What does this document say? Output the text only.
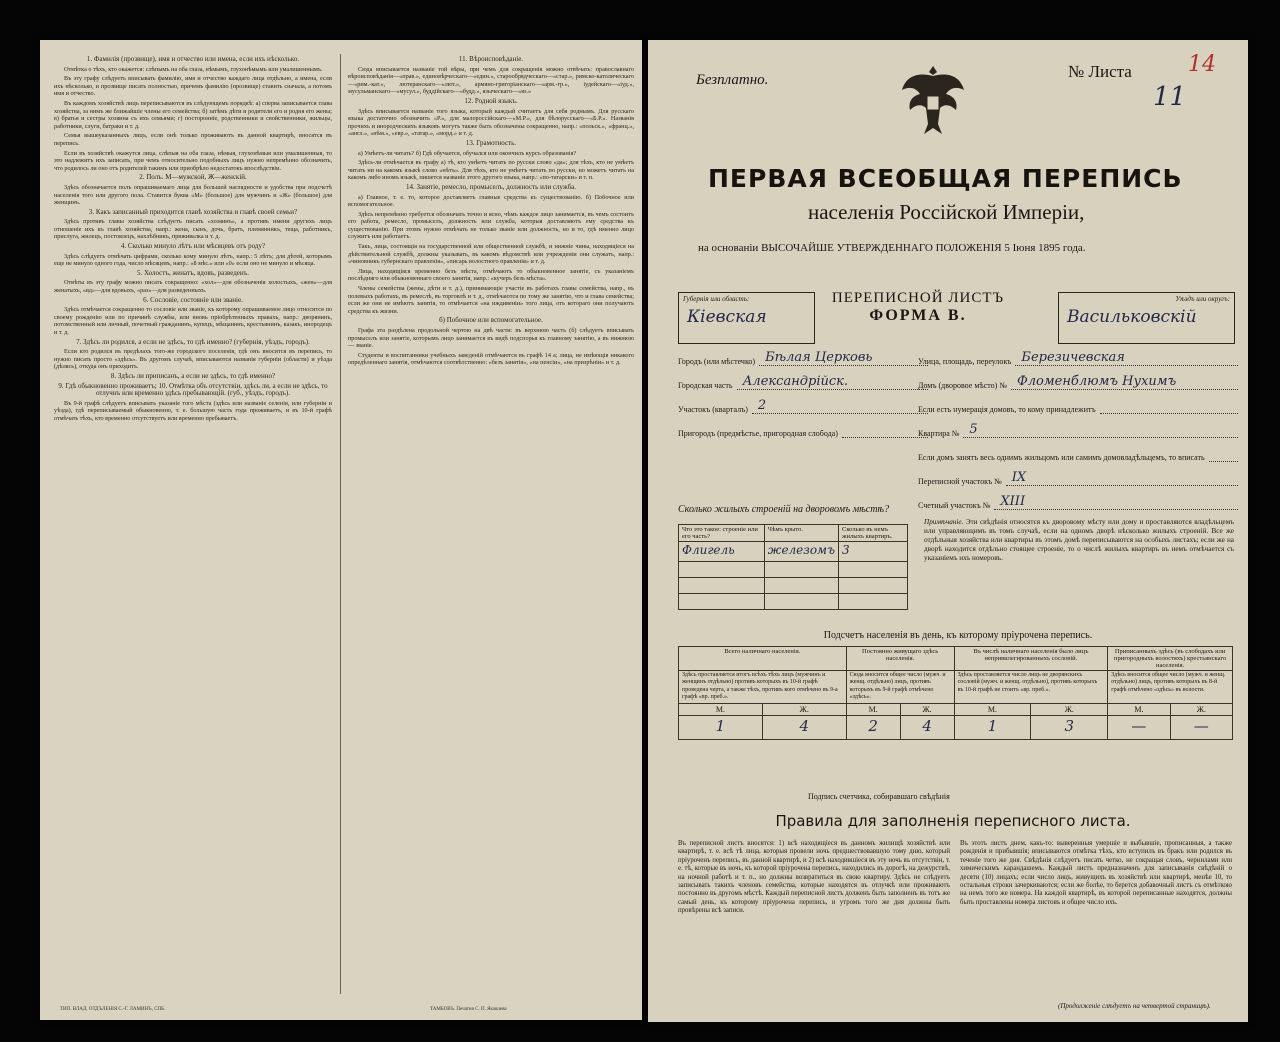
1. Фамилія (прозвище), имя и отчество или имена, если ихъ нѣсколько.

Отмѣтка о тѣхъ, кто окажется: слѣпымъ на оба глаза, нѣмымъ, глухонѣмымъ или умалишеннымъ.

Въ эту графу слѣдуетъ вписывать фамилію, имя и отчество каждаго лица отдѣльно, а имена, если ихъ нѣсколько, и прозвище писать полностью, причемъ фамилію (прозвище) ставить сначала, а потомъ имя и отчество.

Въ каждомъ хозяйствѣ лицъ переписываются въ слѣдующемъ порядкѣ: а) сперва записывается глава хозяйства, за нимъ же ближайшіе члены его семейства; б) затѣмъ дѣти и родители его и родня его жены; в) братья и сестры хозяина съ ихъ семьями; г) посторонніе, родственники и свойственники, жильцы, работники, слуги, батраки и т. д.

Семья вышеуказанныхъ лицъ, если онѣ только проживаютъ въ данной квартирѣ, вносятся въ перепись.

Если въ хозяйствѣ окажутся лица, слѣпыя на оба глаза, нѣмыя, глухонѣмыя или умалишенныя, то это надлежитъ ихъ записать, при чемъ относительно подобныхъ лицъ нужно непремѣнно обозначить, что родилось ли оно отъ родителей такимъ или приобрѣло недостатокъ впослѣдствіи.

2. Полъ. М—мужской, Ж—женскій.

Здѣсь обозначается полъ опрашиваемаго лица для большей наглядности и удобства при подсчетѣ населенія того или другого пола. Ставится буква «М» (большое) для мужчинъ и «Ж» (большое) для женщинъ.

3. Какъ записанный приходится главѣ хозяйства и главѣ своей семьи?

Здѣсь противъ главы хозяйства слѣдуетъ писать «хозяинъ», а противъ имени другихъ лицъ отношеніе ихъ къ главѣ хозяйства, напр.: жена, сынъ, дочь, братъ, племянникъ, теща, работникъ, прислуга, жилецъ, постоялецъ, нахлѣбникъ, приживалка и т. д.

4. Сколько минуло лѣтъ или мѣсяцевъ отъ роду?

Здѣсь слѣдуетъ отмѣчать цифрами, сколько кому минуло лѣтъ, напр.: 5 лѣтъ; для дѣтей, которымъ еще не минуло одного года, число мѣсяцевъ, напр.: «8 мѣс.» или «0» если оно не минуло и мѣсяца.

5. Холостъ, женатъ, вдовъ, разведенъ.

Отвѣты въ эту графу можно писать сокращенно: «хол»—для обозначенія холостыхъ, «жен»—для женатыхъ, «вд»—для вдовыхъ, «раз»—для разведенныхъ.

6. Сословіе, состояніе или званіе.

Здѣсь отмѣчается сокращенно то сословіе или званіе, къ которому опрашиваемое лицо относится по своему рожденію или по причинѣ службы, или вновь пріобрѣтенныхъ правахъ, напр.: дворянинъ, потомственный или личный, почетный гражданинъ, купецъ, мѣщанинъ, крестьянинъ, казакъ, инородецъ и т. д.

7. Здѣсь ли родился, а если не здѣсь, то гдѣ именно? (губернія, уѣздъ, городъ).

Если кто родился въ предѣлахъ того-же городского поселенія, гдѣ онъ вносится въ перепись, то нужно писать просто «здѣсь». Въ другомъ случаѣ, вписываются названія губерніи (области) и уѣзда (дѣлясь), откуда онъ приходитъ.

8. Здѣсь ли приписанъ, а если не здѣсь, то гдѣ именно?
9. Гдѣ обыкновенно проживаетъ; 10. Отмѣтка объ отсутствіи, здѣсь ли, а если не здѣсь, то отлучнъ или временно здѣсь пребывающій. (губ., уѣздъ, городъ).

Въ 9-й графѣ слѣдуетъ вписывать указаніе того мѣста (здѣсь или названіе селенія, или губерніи и уѣзда), гдѣ переписываемый обыкновенно, т. е. большую часть года проживаетъ, и въ 10-й графѣ отмѣчать тѣхъ, кто временно отсутствуетъ или временно пребываетъ.

11. Вѣроисповѣданіе.

Сюда вписывается названіе той вѣры, при чемъ для сокращенія можно отвѣчать: православнаго вѣроисповѣданія—«прав.», единовѣрческаго—«един.», старообрядческаго—«стар.», римско-католическаго—«рим.-кат.», лютеранскаго—«лют.», армяно-григоріанскаго—«арм.-гр.», іудейскаго—«іуд.», мусульманскаго—«мусул.», буддійскаго—«будд.», языческаго—«яз.»

12. Родной языкъ.

Здѣсь вписывается названіе того языка, который каждый считаетъ для себя роднымъ. Для русскаго языка достаточно обозначить «Р.», для малороссійскаго—«М.Р.», для бѣлорусскаго—«Б.Р.». Названія прочихъ и инородческихъ языковъ могутъ также быть обозначены сокращенно, напр.: «польск.», «франц.», «англ.», «нѣм.», «евр.», «татар.», «морд.» и т. д.

13. Грамотность.

а) Умѣетъ-ли читать? б) Гдѣ обучается, обучался или окончилъ курсъ образованія?

Здѣсь-ли отмѣчается въ графу а) тѣ, кто умѣетъ читать по русски слово «да»; для тѣхъ, кто не умѣетъ читать ни на какомъ языкѣ слово «нѣтъ». Для тѣхъ, кто не умѣетъ читать по русски, но можетъ читать на какомъ либо иномъ языкѣ, пишется названіе этого другого языка, напр.: «по-татарски» и т. п.

14. Занятіе, ремесло, промыселъ, должность или служба.

а) Главное, т. е. то, которое доставляетъ главные средства къ существованію. б) Побочное или вспомогательное.

Здѣсь непремѣнно требуется обозначать точно и ясно, чѣмъ каждое лицо занимается, въ чемъ состоитъ его работа, ремесло, промыселъ, должность или служба, которыя доставляютъ ему средства къ существованію. При этомъ нужно отмѣчать не только званіе или должность, но и то, гдѣ именно лицо служитъ или работаетъ.

Такъ, лица, состоящія на государственной или общественной службѣ, и нижніе чины, находящіеся на дѣйствительной службѣ, должны указывать, въ какомъ вѣдомствѣ или учрежденіи они служатъ, напр.: «чиновникъ губернскаго правленія», «писарь волостного правленія» и т. д.

Лица, находящіяся временно безъ мѣста, отмѣчаютъ то обыкновенное занятіе, съ указаніемъ послѣдняго или обыкновеннаго своего занятія, напр.: «кучеръ безъ мѣста».

Члены семейства (жены, дѣти и т. д.), принимающіе участіе въ работахъ главы семейства, напр., въ полевыхъ работахъ, въ ремеслѣ, въ торговлѣ и т. д., отмѣчаются по тому же занятію, что и глава семейства; если же они не имѣютъ занятія, то отмѣчается «на иждивеніи» того лица, отъ котораго они получаютъ средства къ жизни.

б) Побочное или вспомогательное.

Графа эта раздѣлена продольной чертою на двѣ части: въ верхнюю часть (б) слѣдуетъ вписывать промыселъ или занятіе, которымъ лицо занимается въ видѣ подспорья къ главному занятію, а въ нижнюю — званіе.

Студенты и воспитанники учебныхъ заведеній отмѣчаются въ графѣ 14 а; лица, не имѣющія никакого опредѣленнаго занятія, отмѣчаются соотвѣтственно: «безъ занятія», «на пенсіи», «на призрѣніи» и т. д.

ТИП. ВЛАД. ОТДЪЛЕНІЯ С.-Г. ЛАМИНЪ, СПБ.	ТАМБОВЪ. Печатня С. П. Яковлева
Безплатно.	№ Листа	14
11
ПЕРВАЯ ВСЕОБЩАЯ ПЕРЕПИСЬ
населенія Россійской Имперіи,
на основаніи ВЫСОЧАЙШЕ УТВЕРЖДЕННАГО ПОЛОЖЕНІЯ 5 Іюня 1895 года.
Губернія или область:
Кіевская
ПЕРЕПИСНОЙ ЛИСТЪ
ФОРМА В.
Уѣздъ или округъ:
Васильковскій
Городъ (или мѣстечко) Бѣлая Церковь
Городская часть Александрійск.
Участокъ (кварталъ) 2
Пригородъ (предмѣстье, пригородная слобода)
Улица, площадь, переулокъ Березичевская
Домъ (дворовое мѣсто) № Фломенблюмъ Нухимъ
Если есть нумерація домовъ, то кому принадлежитъ
Квартира № 5
Если домъ занятъ весь однимъ жильцомъ или самимъ домовладѣльцемъ, то вписать
Переписной участокъ № IX
Счетный участокъ № XIII
Сколько жилыхъ строеній на дворовомъ мѣстѣ?
Что это такое: строеніе или его часть?	Чѣмъ крыто.	Сколько въ немъ жилыхъ квартиръ.
Флигель	железомъ	3

Примѣчаніе. Эти свѣдѣнія относятся къ дворовому мѣсту или дому и проставляются владѣльцемъ или управляющимъ въ томъ случаѣ, если на одномъ дворѣ нѣсколько жилыхъ строеній. Все же отдѣльныя хозяйства или квартиры въ этомъ домѣ переписываются на особыхъ листахъ; если же на дворѣ находится отдѣльно стоящее строеніе, то о числѣ жилыхъ квартиръ въ немъ отмѣчается съ указаніемъ ихъ номеровъ.
Подсчетъ населенія въ день, къ которому пріурочена перепись.
Всего наличнаго населенія.		Постоянно живущаго здѣсь населенія.		Въ числѣ наличнаго населенія было лицъ непривилегированныхъ сословій.		Приписанныхъ здѣсь (въ слободахъ или пригородныхъ волостяхъ) крестьянскаго населенія.	
Здѣсь проставляется итогъ всѣхъ тѣхъ лицъ (мужчинъ и женщинъ отдѣльно) противъ которыхъ въ 10-й графѣ проведена черта, а также тѣхъ, противъ кого отмѣчено въ 9-а графѣ «вр. преб.».		Сюда вносится общее число (мужч. и женщ. отдѣльно) лицъ, противъ которыхъ въ 9-й графѣ отмѣчено «здѣсь».		Здѣсь проставляется число лицъ не дворянскихъ сословій (мужч. и женщ. отдѣльно), противъ которыхъ въ 10-й графѣ не стоитъ «вр. преб.».		Здѣсь вносится общее число (мужч. и женщ. отдѣльно) лицъ, противъ которыхъ въ 8-й графѣ отмѣчено «здѣсь» въ волости.	
М.	Ж.	М.	Ж.	М.	Ж.	М.	Ж.
1	4	2	4	1	3	—	—
Подпись счетчика, собиравшаго свѣдѣнія
Правила для заполненія переписного листа.
Въ переписной листъ вносятся: 1) всѣ находящіеся въ данномъ жилищѣ хозяйствѣ или квартирѣ, т. е. всѣ тѣ лица, которыя провели ночь предшествовавшую тому дню, который пріуроченъ перепись, въ данной квартирѣ, и 2) всѣ находившіеся въ эту ночь въ отсутствіи, т. е. тѣ, которые въ ночь, къ которой пріурочена перепись, находились въ дорогѣ, на дежурствѣ, на ночной работѣ и т. п., но должны возвратиться въ свою квартиру. Здѣсь не слѣдуетъ записывать такихъ членовъ семейства, которые находятся въ отлучкѣ или проживаютъ постоянно въ другомъ мѣстѣ. Каждый переписной листъ долженъ быть заполненъ въ тотъ же самый день, къ которому пріурочена перепись, и утромъ того же дня должны быть провѣрены всѣ записи.
Въ этотъ листъ днем, какъ-то: выверенныя умершіе и выбывшіе, прописанныя, а также рожденія и прибывшія; вписываются отмѣтка тѣхъ, кто вступилъ въ бракъ или родился въ теченіе того же дня. Свѣдѣнія слѣдуетъ писать четко, не сокращая словъ, чернилами или химическимъ карандашемъ. Каждый листъ предназначенъ для записыванія свѣдѣній о десяти (10) лицахъ; если число лицъ, живущихъ въ хозяйствѣ или квартирѣ, менѣе 10, то остальныя строки зачеркиваются; если же болѣе, то берется добавочный листъ съ отмѣткою на немъ того же номера. На каждой квартирѣ, въ которой переписанные находятся, должны быть проставлены номера листовъ и общее число ихъ.
(Продолженіе слѣдуетъ на четвертой страницѣ).
